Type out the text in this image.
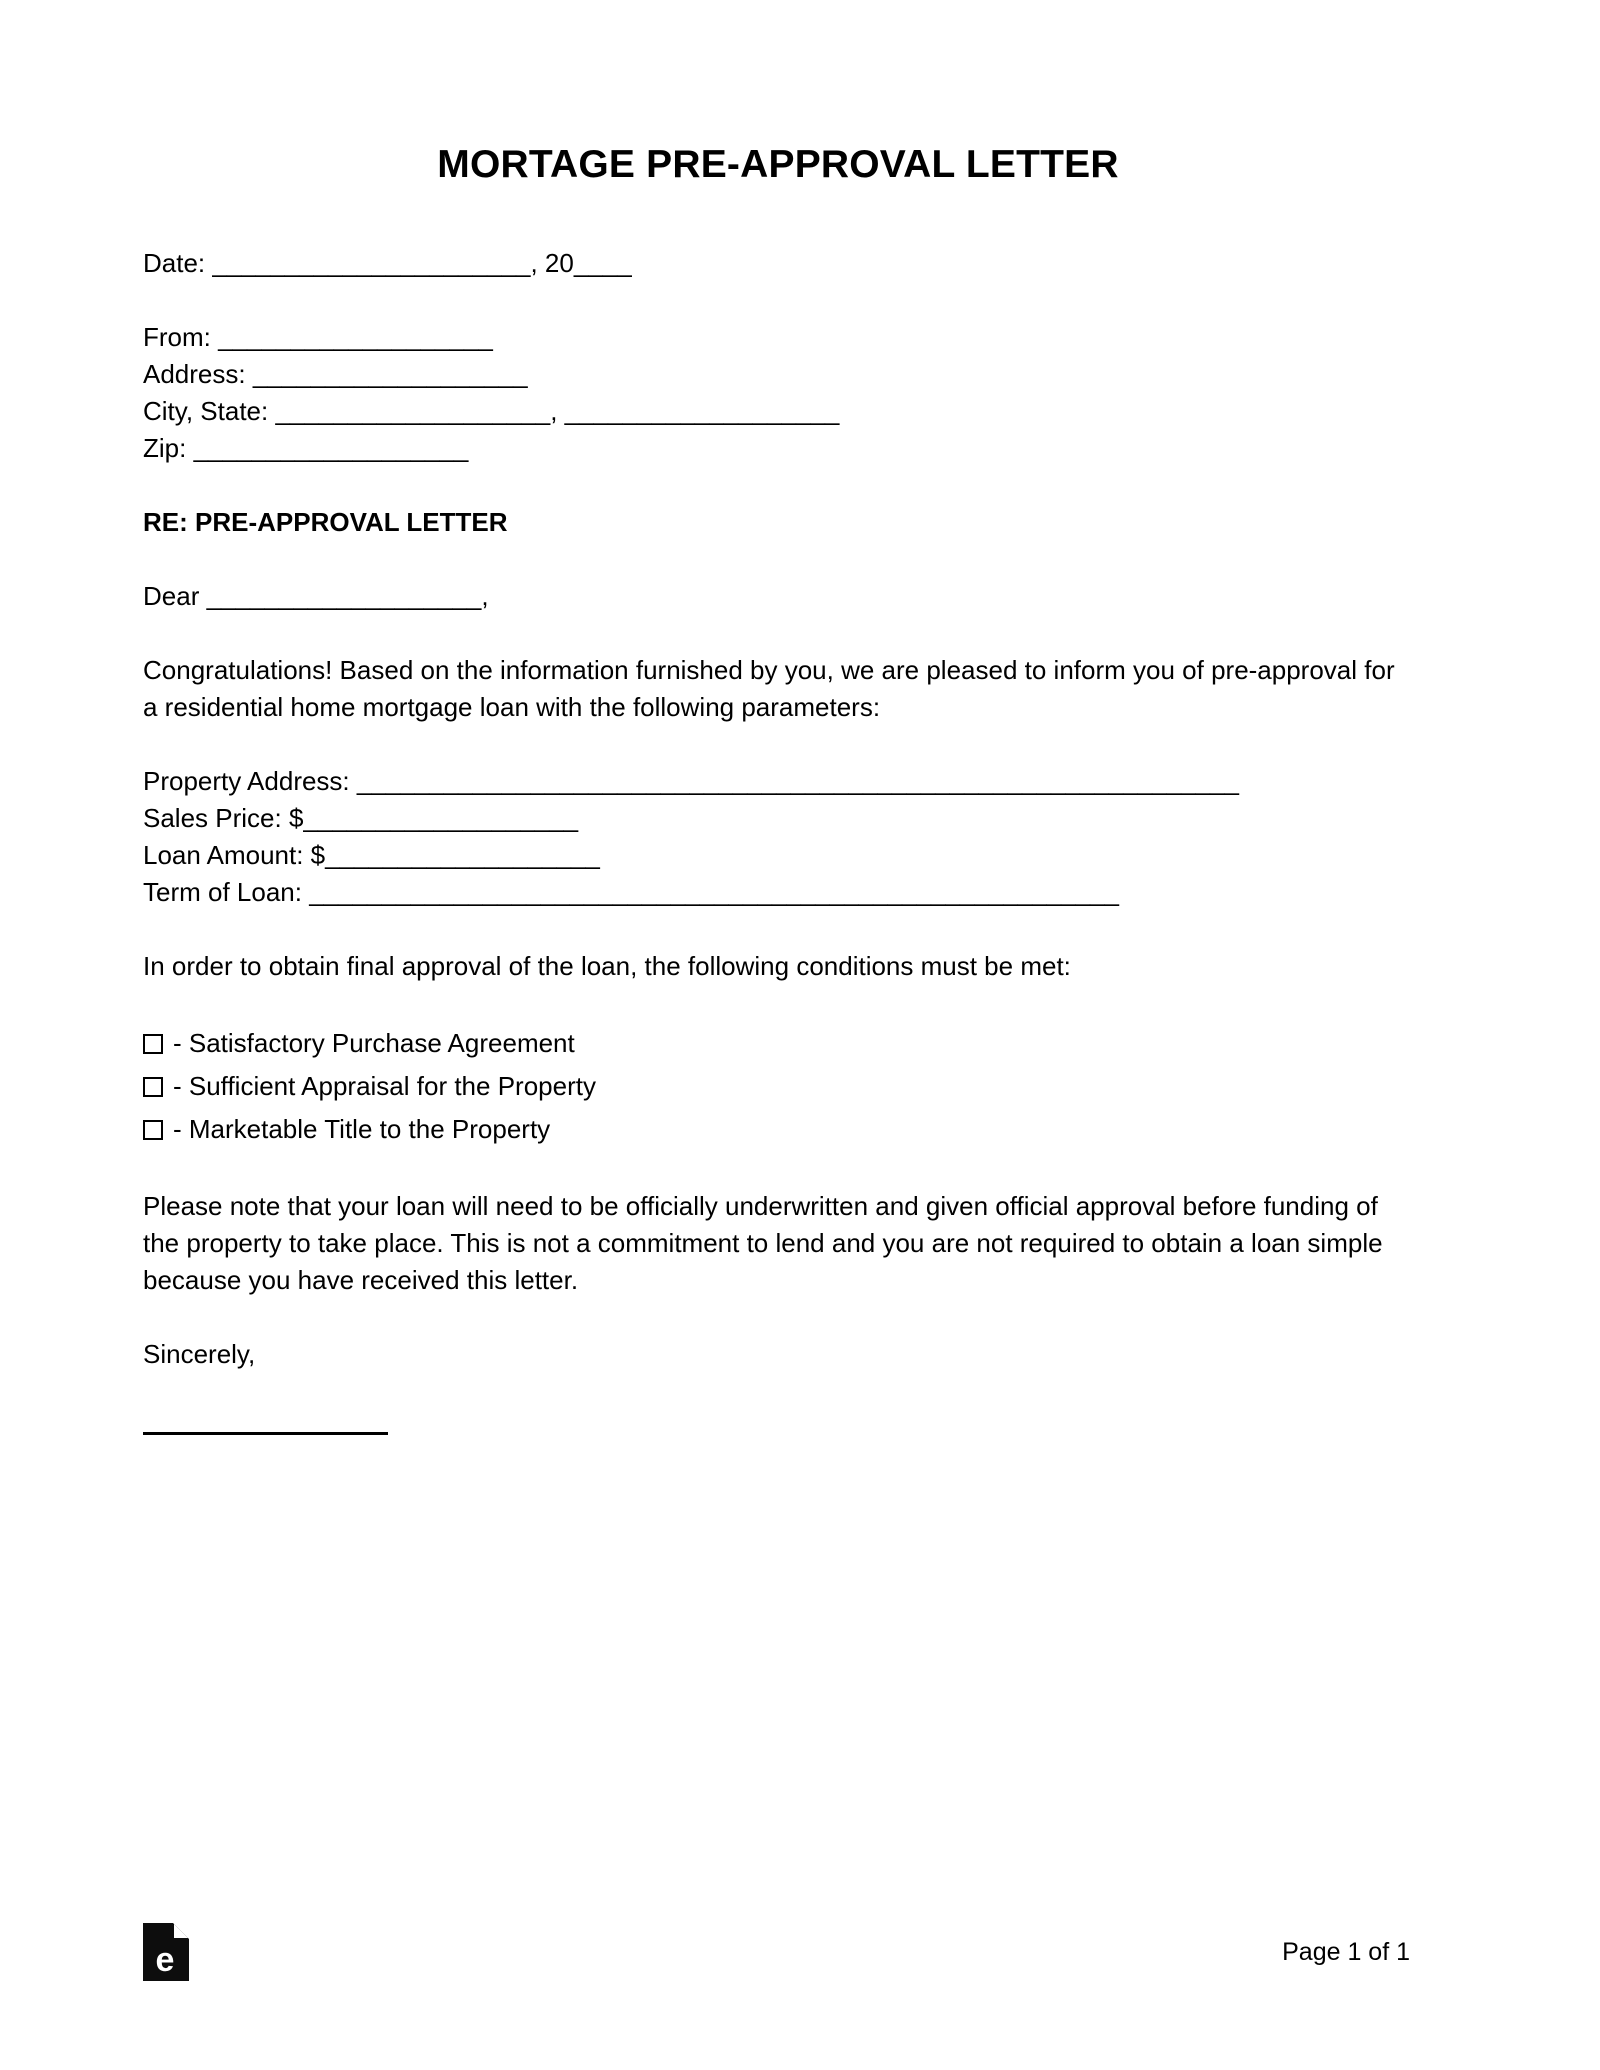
MORTAGE PRE-APPROVAL LETTER
Date: ______________________, 20____
From: ___________________
Address: ___________________
City, State: ___________________, ___________________
Zip: ___________________
RE: PRE-APPROVAL LETTER
Dear ___________________,
Congratulations! Based on the information furnished by you, we are pleased to inform you of pre-approval for a residential home mortgage loan with the following parameters:
Property Address: _____________________________________________________________
Sales Price: $___________________
Loan Amount: $___________________
Term of Loan: ________________________________________________________
In order to obtain final approval of the loan, the following conditions must be met:
- Satisfactory Purchase Agreement
- Sufficient Appraisal for the Property
- Marketable Title to the Property
Please note that your loan will need to be officially underwritten and given official approval before funding of the property to take place. This is not a commitment to lend and you are not required to obtain a loan simple because you have received this letter.
Sincerely,
e	Page 1 of 1
